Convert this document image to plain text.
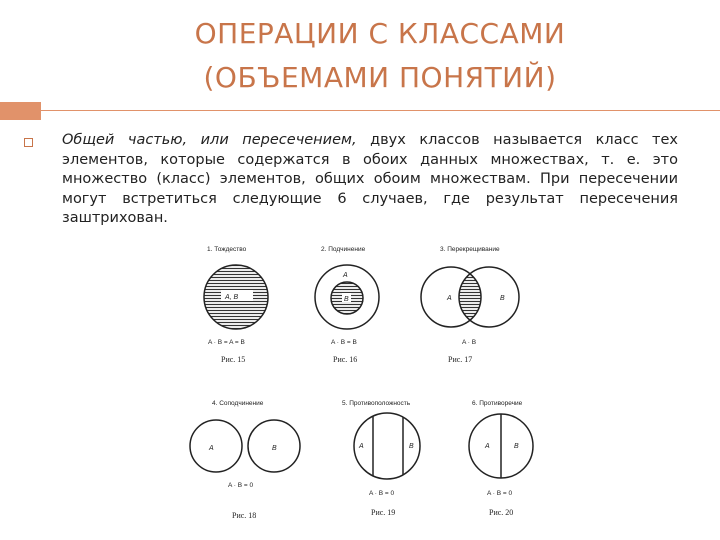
ОПЕРАЦИИ С КЛАССАМИ
(ОБЪЕМАМИ ПОНЯТИЙ)
Общей частью, или пересечением, двух классов называется класс тех элементов, которые содержатся в обоих данных множествах, т. е. это множество (класс) элементов, общих обоим множествам. При пересечении могут встретиться следующие 6 случаев, где результат пересечения заштрихован.
1. Тождество
A, B
A · B = A = B
Рис. 15
2. Подчинение
A
B
A · B = B
Рис. 16
3. Перекрещивание
A	B
A · B
Рис. 17
4. Соподчинение
A	B
A · B = 0
Рис. 18
5. Противоположность
A	B
A · B = 0
Рис. 19
6. Противоречие
A	B
A · B = 0
Рис. 20
